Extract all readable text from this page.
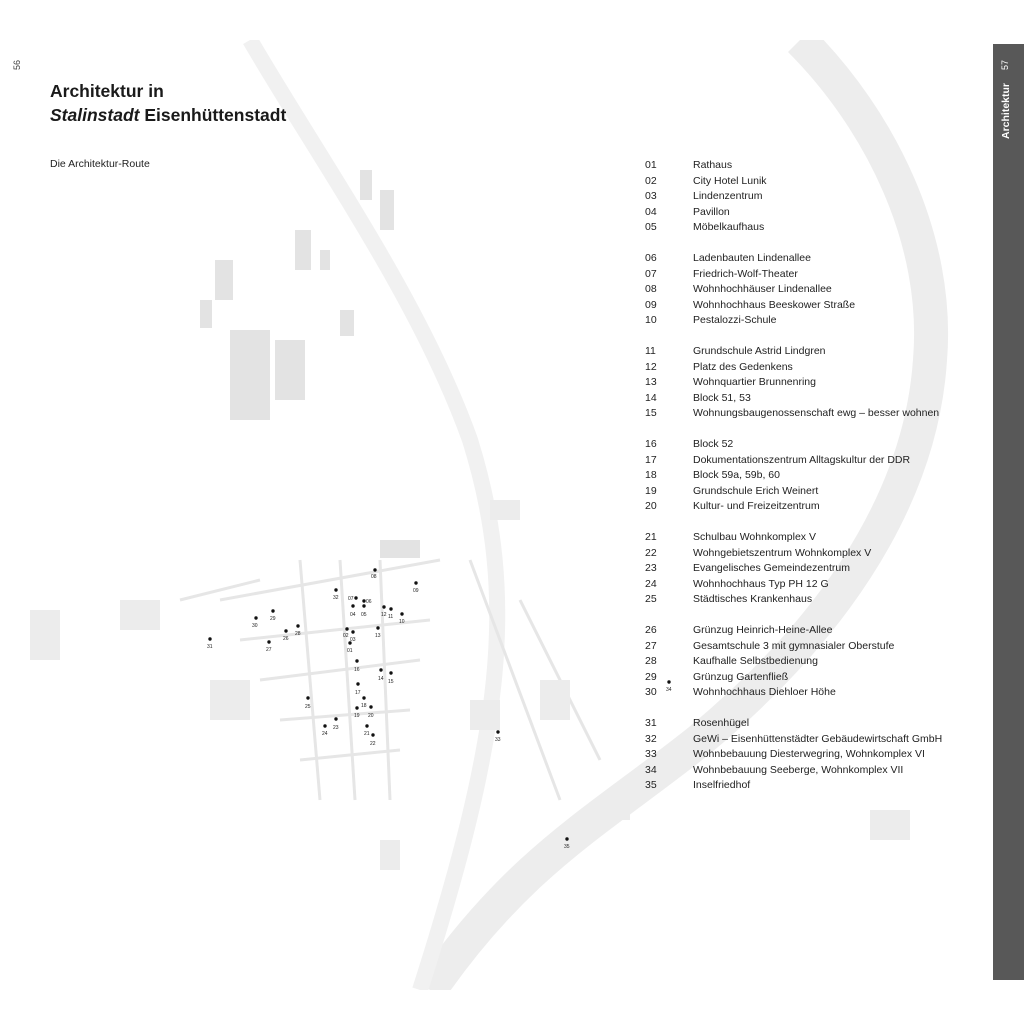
56
01
02
03
04 05
06
07
08
09
10
11
12
13
14 15
16
17
18
19 20
21
22
23
24
25
26
27
28
29
30
31
32
33
34
35
Architektur in
Stalinstadt Eisenhüttenstadt
Die Architektur-Route	01	Rathaus
02	City Hotel Lunik
03	Lindenzentrum
04	Pavillon
05	Möbelkaufhaus
06	Ladenbauten Lindenallee
07	Friedrich-Wolf-Theater
08	Wohnhochhäuser Lindenallee
09	Wohnhochhaus Beeskower Straße
10	Pestalozzi-Schule
11	Grundschule Astrid Lindgren
12	Platz des Gedenkens
13	Wohnquartier Brunnenring
14	Block 51, 53
15	Wohnungsbaugenossenschaft ewg – besser wohnen
16	Block 52
17	Dokumentationszentrum Alltagskultur der DDR
18	Block 59a, 59b, 60
19	Grundschule Erich Weinert
20	Kultur- und Freizeitzentrum
21	Schulbau Wohnkomplex V
22	Wohngebietszentrum Wohnkomplex V
23	Evangelisches Gemeindezentrum
24	Wohnhochhaus Typ PH 12 G
25	Städtisches Krankenhaus
26	Grünzug Heinrich-Heine-Allee
27	Gesamtschule 3 mit gymnasialer Oberstufe
28	Kaufhalle Selbstbedienung
29	Grünzug Gartenfließ
30	Wohnhochhaus Diehloer Höhe
31	Rosenhügel
32	GeWi – Eisenhüttenstädter Gebäudewirtschaft GmbH
33	Wohnbebauung Diesterwegring, Wohnkomplex VI
34	Wohnbebauung Seeberge, Wohnkomplex VII
35	Inselfriedhof
57
Architektur
